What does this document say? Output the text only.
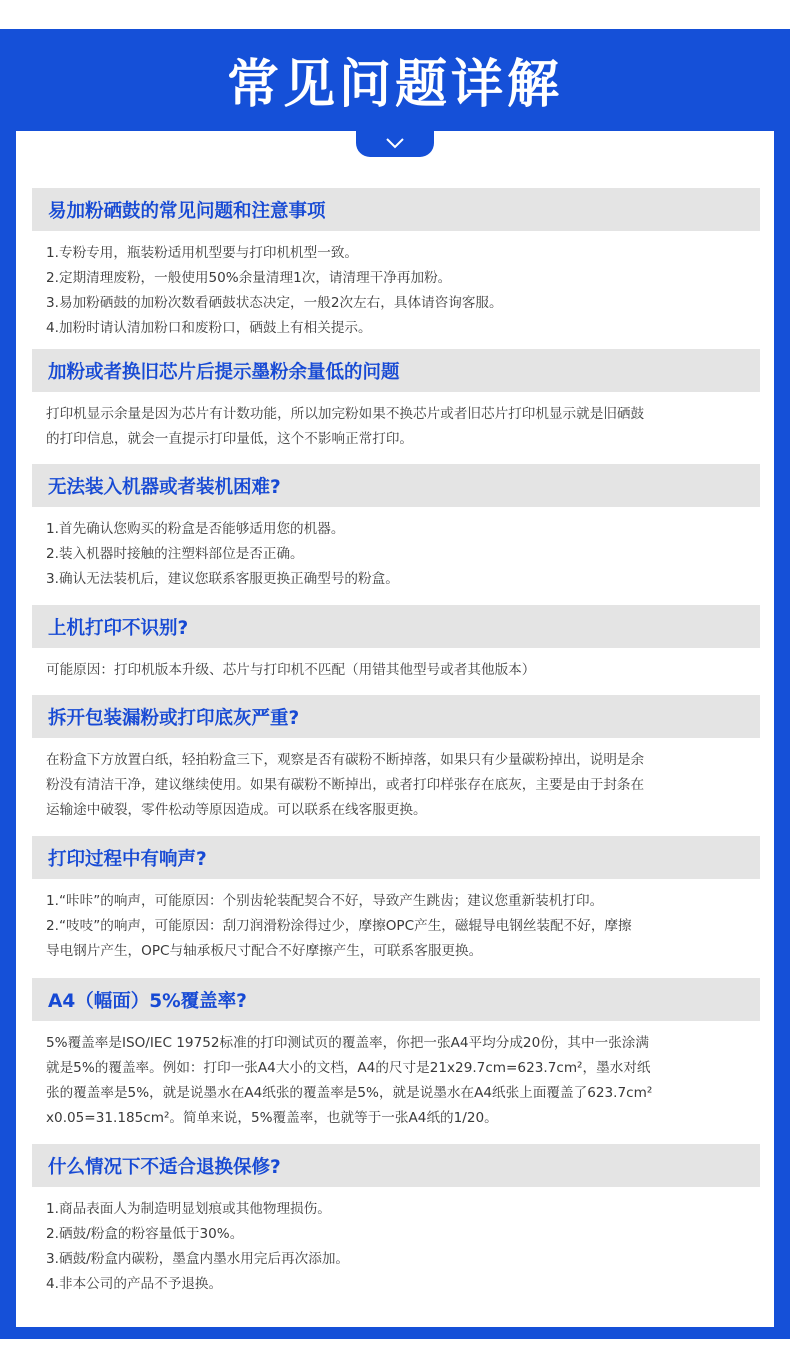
常见问题详解
易加粉硒鼓的常见问题和注意事项
1.专粉专用，瓶装粉适用机型要与打印机机型一致。
2.定期清理废粉，一般使用50%余量清理1次，请清理干净再加粉。
3.易加粉硒鼓的加粉次数看硒鼓状态决定，一般2次左右，具体请咨询客服。
4.加粉时请认清加粉口和废粉口，硒鼓上有相关提示。
加粉或者换旧芯片后提示墨粉余量低的问题
打印机显示余量是因为芯片有计数功能，所以加完粉如果不换芯片或者旧芯片打印机显示就是旧硒鼓
的打印信息，就会一直提示打印量低，这个不影响正常打印。
无法装入机器或者装机困难?
1.首先确认您购买的粉盒是否能够适用您的机器。
2.装入机器时接触的注塑料部位是否正确。
3.确认无法装机后，建议您联系客服更换正确型号的粉盒。
上机打印不识别?
可能原因：打印机版本升级、芯片与打印机不匹配（用错其他型号或者其他版本）
拆开包装漏粉或打印底灰严重?
在粉盒下方放置白纸，轻拍粉盒三下，观察是否有碳粉不断掉落，如果只有少量碳粉掉出，说明是余
粉没有清洁干净，建议继续使用。如果有碳粉不断掉出，或者打印样张存在底灰，主要是由于封条在
运输途中破裂，零件松动等原因造成。可以联系在线客服更换。
打印过程中有响声?
1.“咔咔”的响声，可能原因：个别齿轮装配契合不好，导致产生跳齿；建议您重新装机打印。
2.“吱吱”的响声，可能原因：刮刀润滑粉涂得过少，摩擦OPC产生，磁辊导电钢丝装配不好，摩擦
导电钢片产生，OPC与轴承板尺寸配合不好摩擦产生，可联系客服更换。
A4（幅面）5%覆盖率?
5%覆盖率是ISO/IEC 19752标准的打印测试页的覆盖率，你把一张A4平均分成20份，其中一张涂满
就是5%的覆盖率。例如：打印一张A4大小的文档，A4的尺寸是21x29.7cm=623.7cm²，墨水对纸
张的覆盖率是5%，就是说墨水在A4纸张的覆盖率是5%，就是说墨水在A4纸张上面覆盖了623.7cm²
x0.05=31.185cm²。简单来说，5%覆盖率，也就等于一张A4纸的1/20。
什么情况下不适合退换保修?
1.商品表面人为制造明显划痕或其他物理损伤。
2.硒鼓/粉盒的粉容量低于30%。
3.硒鼓/粉盒内碳粉，墨盒内墨水用完后再次添加。
4.非本公司的产品不予退换。
